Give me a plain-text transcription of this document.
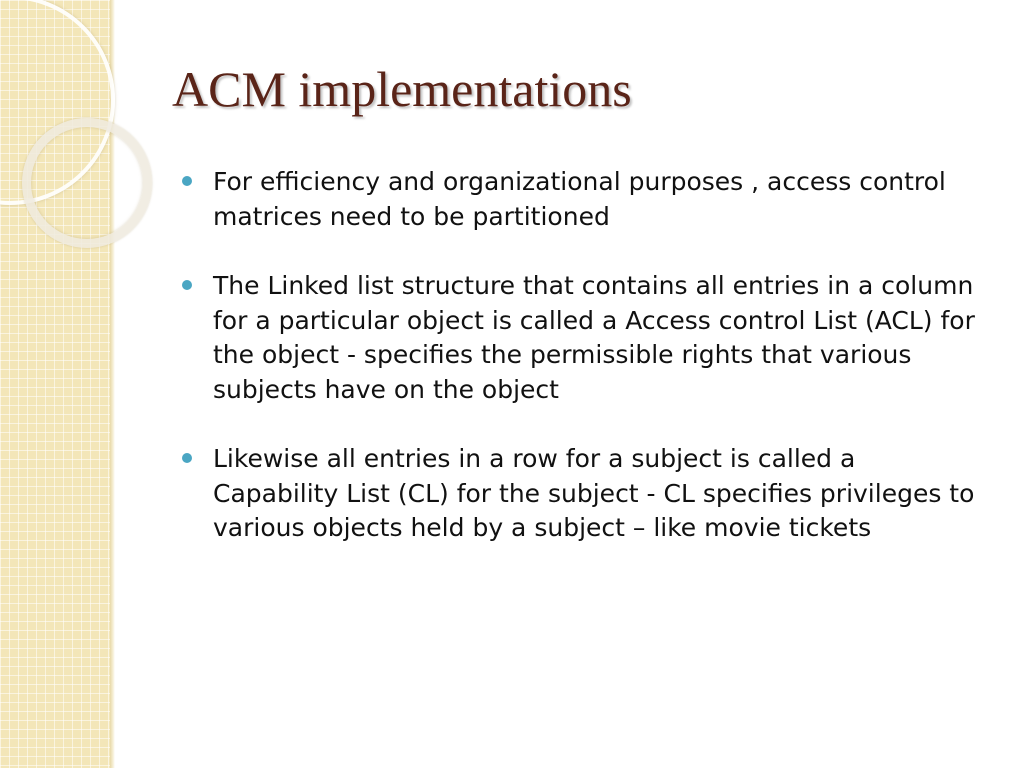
ACM implementations
For efficiency and organizational purposes , access control matrices need to be partitioned
The Linked list structure that contains all entries in a column for a particular object is called a Access control List (ACL) for the object - specifies the permissible rights that various subjects have on the object
Likewise all entries in a row for a subject is called a Capability List (CL) for the subject - CL specifies privileges to various objects held by a subject – like movie tickets
